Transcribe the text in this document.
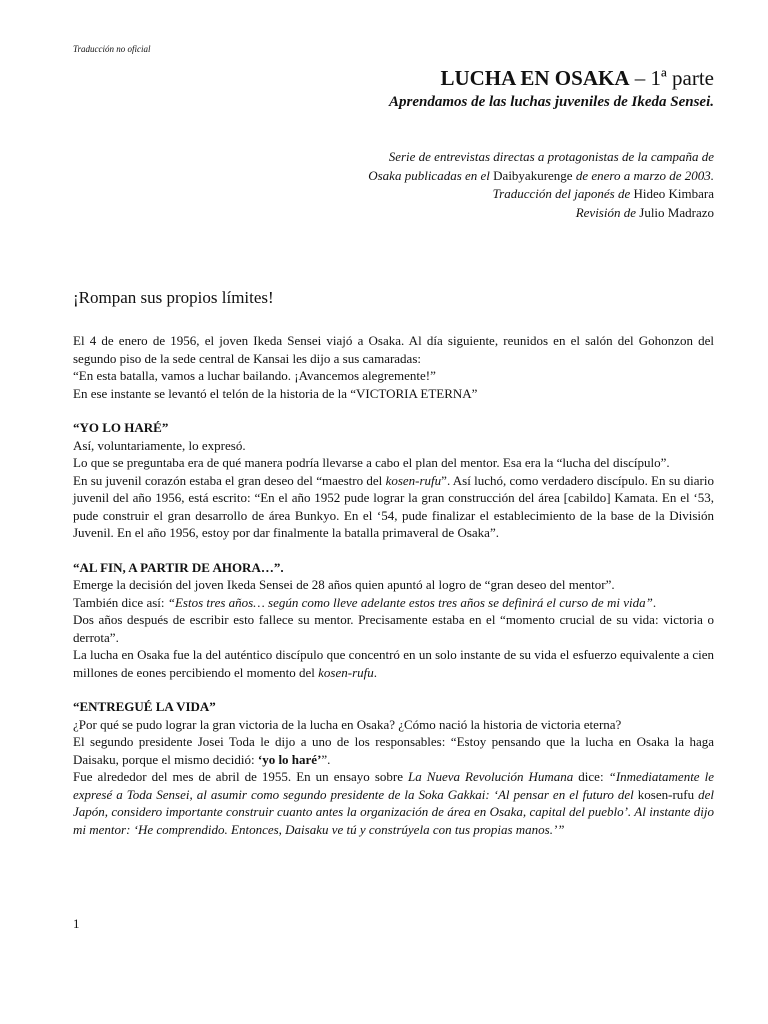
Traducción no oficial

LUCHA EN OSAKA – 1ª parte

Aprendamos de las luchas juveniles de Ikeda Sensei.

Serie de entrevistas directas a protagonistas de la campaña de
Osaka publicadas en el Daibyakurenge de enero a marzo de 2003.
Traducción del japonés de Hideo Kimbara
Revisión de Julio Madrazo
¡Rompan sus propios límites!

El 4 de enero de 1956, el joven Ikeda Sensei viajó a Osaka. Al día siguiente, reunidos en el salón del Gohonzon del segundo piso de la sede central de Kansai les dijo a sus camaradas:

“En esta batalla, vamos a luchar bailando. ¡Avancemos alegremente!”

En ese instante se levantó el telón de la historia de la “VICTORIA ETERNA”

“YO LO HARÉ”

Así, voluntariamente, lo expresó.

Lo que se preguntaba era de qué manera podría llevarse a cabo el plan del mentor. Esa era la “lucha del discípulo”.

En su juvenil corazón estaba el gran deseo del “maestro del kosen-rufu”. Así luchó, como verdadero discípulo. En su diario juvenil del año 1956, está escrito: “En el año 1952 pude lograr la gran construcción del área [cabildo] Kamata. En el ‘53, pude construir el gran desarrollo de área Bunkyo. En el ‘54, pude finalizar el establecimiento de la base de la División Juvenil. En el año 1956, estoy por dar finalmente la batalla primaveral de Osaka”.

“AL FIN, A PARTIR DE AHORA…”.

Emerge la decisión del joven Ikeda Sensei de 28 años quien apuntó al logro de “gran deseo del mentor”.

También dice así: “Estos tres años… según como lleve adelante estos tres años se definirá el curso de mi vida”.

Dos años después de escribir esto fallece su mentor. Precisamente estaba en el “momento crucial de su vida: victoria o derrota”.

La lucha en Osaka fue la del auténtico discípulo que concentró en un solo instante de su vida el esfuerzo equivalente a cien millones de eones percibiendo el momento del kosen-rufu.

“ENTREGUÉ LA VIDA”

¿Por qué se pudo lograr la gran victoria de la lucha en Osaka? ¿Cómo nació la historia de victoria eterna?

El segundo presidente Josei Toda le dijo a uno de los responsables: “Estoy pensando que la lucha en Osaka la haga Daisaku, porque el mismo decidió: ‘yo lo haré’”.

Fue alrededor del mes de abril de 1955. En un ensayo sobre La Nueva Revolución Humana dice: “Inmediatamente le expresé a Toda Sensei, al asumir como segundo presidente de la Soka Gakkai: ‘Al pensar en el futuro del kosen-rufu del Japón, considero importante construir cuanto antes la organización de área en Osaka, capital del pueblo’. Al instante dijo mi mentor: ‘He comprendido. Entonces, Daisaku ve tú y constrúyela con tus propias manos.’”

1
